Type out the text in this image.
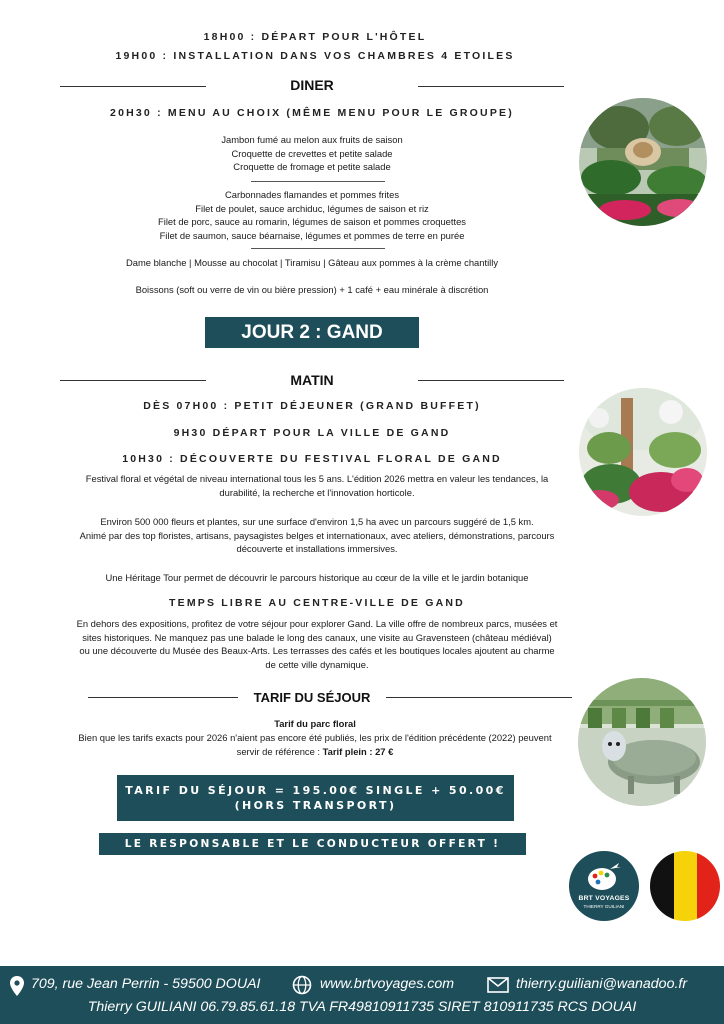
18H00 : DÉPART POUR L'HÔTEL
19H00 : INSTALLATION DANS VOS CHAMBRES 4 ETOILES
DINER
20H30 : MENU AU CHOIX (MÊME MENU POUR LE GROUPE)
Jambon fumé au melon aux fruits de saison
Croquette de crevettes et petite salade
Croquette de fromage et petite salade
Carbonnades flamandes et pommes frites
Filet de poulet, sauce archiduc, légumes de saison et riz
Filet de porc, sauce au romarin, légumes de saison et pommes croquettes
Filet de saumon, sauce béarnaise, légumes et pommes de terre en purée
Dame blanche | Mousse au chocolat | Tiramisu | Gâteau aux pommes à la crème chantilly
Boissons (soft ou verre de vin ou bière pression) + 1 café + eau minérale à discrétion
JOUR 2 : GAND
MATIN
DÈS 07H00 : PETIT DÉJEUNER (GRAND BUFFET)
9H30 DÉPART POUR LA VILLE DE GAND
10H30 : DÉCOUVERTE DU FESTIVAL FLORAL DE GAND
Festival floral et végétal de niveau international tous les 5 ans. L'édition 2026 mettra en valeur les tendances, la
durabilité, la recherche et l'innovation horticole.
Environ 500 000 fleurs et plantes, sur une surface d'environ 1,5 ha avec un parcours suggéré de 1,5 km.
Animé par des top floristes, artisans, paysagistes belges et internationaux, avec ateliers, démonstrations, parcours
découverte et installations immersives.
Une Héritage Tour permet de découvrir le parcours historique au cœur de la ville et le jardin botanique
TEMPS LIBRE AU CENTRE-VILLE DE GAND
En dehors des expositions, profitez de votre séjour pour explorer Gand. La ville offre de nombreux parcs, musées et
sites historiques. Ne manquez pas une balade le long des canaux, une visite au Gravensteen (château médiéval)
ou une découverte du Musée des Beaux-Arts. Les terrasses des cafés et les boutiques locales ajoutent au charme
de cette ville dynamique.
TARIF DU SÉJOUR
Tarif du parc floral
Bien que les tarifs exacts pour 2026 n'aient pas encore été publiés, les prix de l'édition précédente (2022) peuvent
servir de référence : Tarif plein : 27 €
TARIF DU SÉJOUR = 195.00€ SINGLE + 50.00€
(HORS TRANSPORT)
LE RESPONSABLE ET LE CONDUCTEUR OFFERT !
BRT VOYAGES
THIERRY GUILIANI
709, rue Jean Perrin - 59500 DOUAI	www.brtvoyages.com	thierry.guiliani@wanadoo.fr
Thierry GUILIANI 06.79.85.61.18 TVA FR49810911735 SIRET 810911735 RCS DOUAI
